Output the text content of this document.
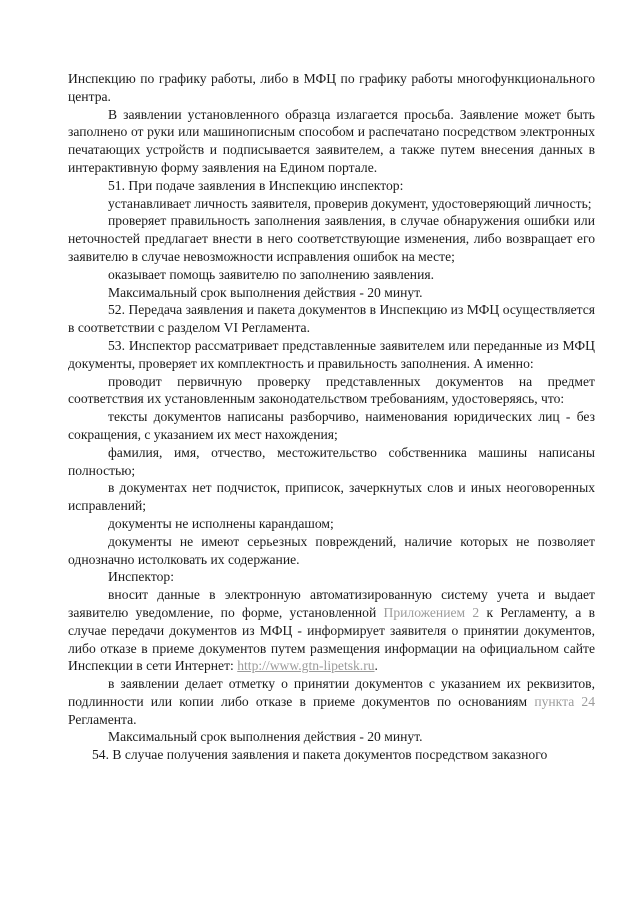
Инспекцию по графику работы, либо в МФЦ по графику работы многофункционального центра.

В заявлении установленного образца излагается просьба. Заявление может быть заполнено от руки или машинописным способом и распечатано посредством электронных печатающих устройств и подписывается заявителем, а также путем внесения данных в интерактивную форму заявления на Едином портале.

51. При подаче заявления в Инспекцию инспектор:

устанавливает личность заявителя, проверив документ, удостоверяющий личность;

проверяет правильность заполнения заявления, в случае обнаружения ошибки или неточностей предлагает внести в него соответствующие изменения, либо возвращает его заявителю в случае невозможности исправления ошибок на месте;

оказывает помощь заявителю по заполнению заявления.

Максимальный срок выполнения действия - 20 минут.

52. Передача заявления и пакета документов в Инспекцию из МФЦ осуществляется в соответствии с разделом VI Регламента.

53. Инспектор рассматривает представленные заявителем или переданные из МФЦ документы, проверяет их комплектность и правильность заполнения. А именно:

проводит первичную проверку представленных документов на предмет соответствия их установленным законодательством требованиям, удостоверяясь, что:

тексты документов написаны разборчиво, наименования юридических лиц - без сокращения, с указанием их мест нахождения;

фамилия, имя, отчество, местожительство собственника машины написаны полностью;

в документах нет подчисток, приписок, зачеркнутых слов и иных неоговоренных исправлений;

документы не исполнены карандашом;

документы не имеют серьезных повреждений, наличие которых не позволяет однозначно истолковать их содержание.

Инспектор:

вносит данные в электронную автоматизированную систему учета и выдает заявителю уведомление, по форме, установленной Приложением 2 к Регламенту, а в случае передачи документов из МФЦ - информирует заявителя о принятии документов, либо отказе в приеме документов путем размещения информации на официальном сайте Инспекции в сети Интернет: http://www.gtn-lipetsk.ru.

в заявлении делает отметку о принятии документов с указанием их реквизитов, подлинности или копии либо отказе в приеме документов по основаниям пункта 24 Регламента.

Максимальный срок выполнения действия - 20 минут.

54. В случае получения заявления и пакета документов посредством заказного
